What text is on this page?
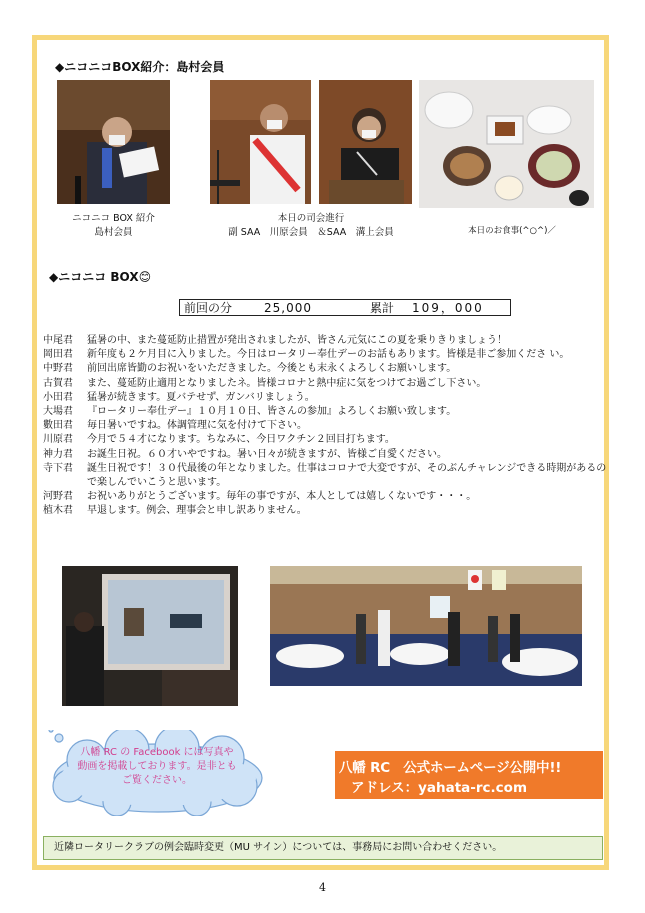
◆ニコニコBOX紹介：島村会員
ニコニコ BOX 紹介
島村会員
本日の司会進行
副 SAA　川原会員　＆SAA　溝上会員	本日のお食事(^○^)／
◆ニコニコ BOX😊
前回の分	25,000	累計 109，000
中尾君	猛暑の中、また蔓延防止措置が発出されましたが、皆さん元気にこの夏を乗りきりましょう！
岡田君	新年度も２ケ月目に入りました。今日はロータリー奉仕デーのお話もあります。皆様是非ご参加くださ い。
中野君	前回出席皆勤のお祝いをいただきました。今後とも末永くよろしくお願いします。
古賀君	また、蔓延防止適用となりましたネ。皆様コロナと熱中症に気をつけてお過ごし下さい。
小田君	猛暑が続きます。夏バテせず、ガンバリましょう。
大場君	『ロータリー奉仕デー』１０月１０日、皆さんの参加』よろしくお願い致します。
數田君	毎日暑いですね。体調管理に気を付けて下さい。
川原君	今月で５４才になります。ちなみに、今日ワクチン２回目打ちます。
神力君	お誕生日祝。６０才いやですね。暑い日々が続きますが、皆様ご自愛ください。
寺下君	誕生日祝です！３０代最後の年となりました。仕事はコロナで大変ですが、そのぶんチャレンジできる時期があるので楽しんでいこうと思います。
河野君	お祝いありがとうございます。毎年の事ですが、本人としては嬉しくないです・・・。
植木君	早退します。例会、理事会と申し訳ありません。
八幡 RC の Facebook には写真や動画を掲載しております。是非ともご覧ください。
八幡 RC　公式ホームページ公開中!!
アドレス：yahata-rc.com
近隣ロータリークラブの例会臨時変更（MU サイン）については、事務局にお問い合わせください。
4
